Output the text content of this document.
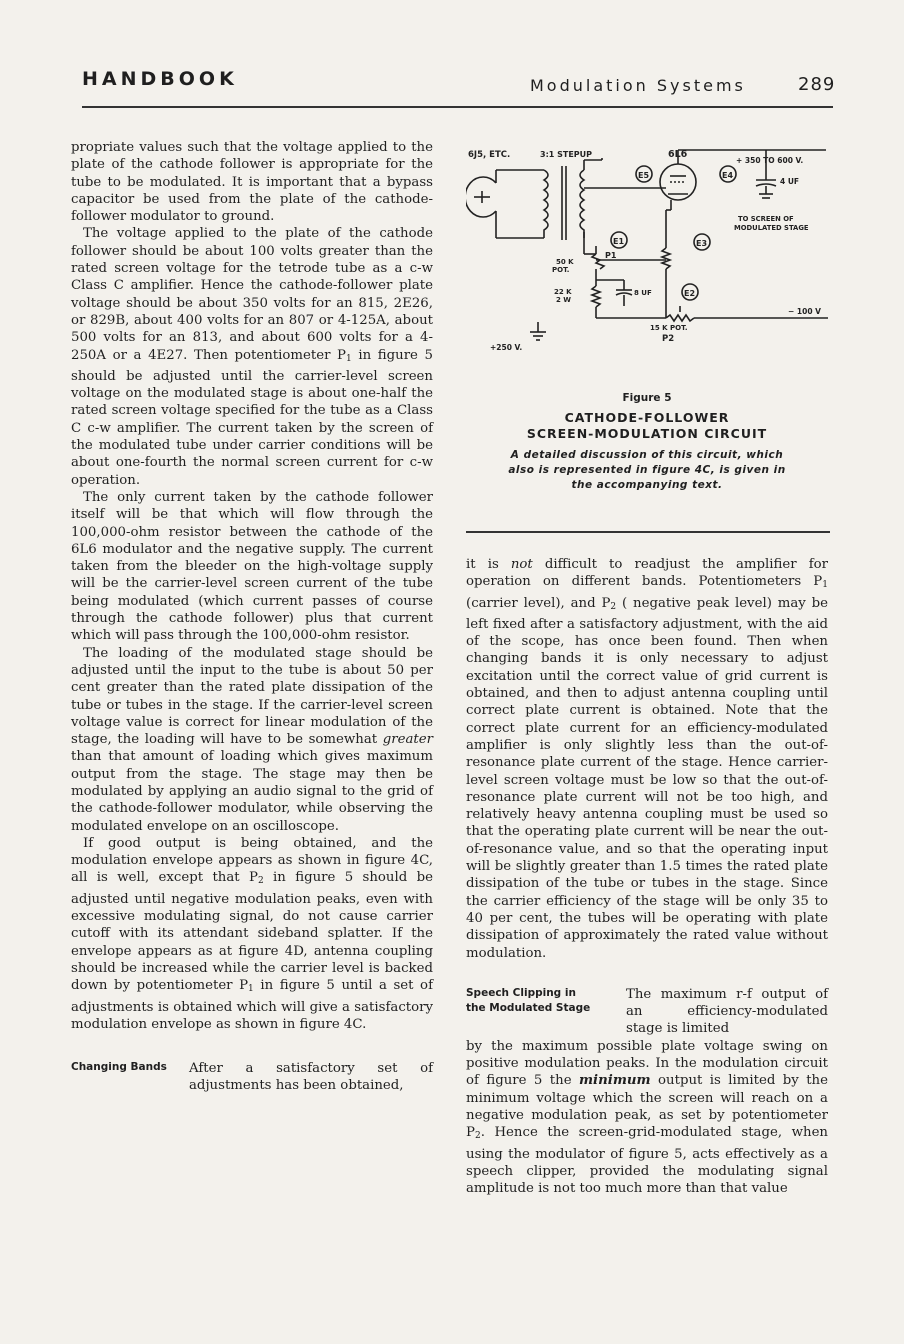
HANDBOOK	Modulation Systems	289

propriate values such that the voltage applied to the plate of the cathode follower is appropriate for the tube to be modulated. It is important that a bypass capacitor be used from the plate of the cathode-follower modulator to ground.

The voltage applied to the plate of the cathode follower should be about 100 volts greater than the rated screen voltage for the tetrode tube as a c-w Class C amplifier. Hence the cathode-follower plate voltage should be about 350 volts for an 815, 2E26, or 829B, about 400 volts for an 807 or 4-125A, about 500 volts for an 813, and about 600 volts for a 4-250A or a 4E27. Then potentiometer $P_1$ in figure 5 should be adjusted until the carrier-level screen voltage on the modulated stage is about one-half the rated screen voltage specified for the tube as a Class C c-w amplifier. The current taken by the screen of the modulated tube under carrier conditions will be about one-fourth the normal screen current for c-w operation.

The only current taken by the cathode follower itself will be that which will flow through the 100,000-ohm resistor between the cathode of the 6L6 modulator and the negative supply. The current taken from the bleeder on the high-voltage supply will be the carrier-level screen current of the tube being modulated (which current passes of course through the cathode follower) plus that current which will pass through the 100,000-ohm resistor.

The loading of the modulated stage should be adjusted until the input to the tube is about 50 per cent greater than the rated plate dissipation of the tube or tubes in the stage. If the carrier-level screen voltage value is correct for linear modulation of the stage, the loading will have to be somewhat greater than that amount of loading which gives maximum output from the stage. The stage may then be modulated by applying an audio signal to the grid of the cathode-follower modulator, while observing the modulated envelope on an oscilloscope.

If good output is being obtained, and the modulation envelope appears as shown in figure 4C, all is well, except that $P_2$ in figure 5 should be adjusted until negative modulation peaks, even with excessive modulating signal, do not cause carrier cutoff with its attendant sideband splatter. If the envelope appears as at figure 4D, antenna coupling should be increased while the carrier level is backed down by potentiometer $P_1$ in figure 5 until a set of adjustments is obtained which will give a satisfactory modulation envelope as shown in figure 4C.

Changing Bands	After a satisfactory set of adjustments has been obtained,
6J5, ETC.	3:1 STEPUP	6L6
+ 350 TO 600 V.
4 UF
TO SCREEN OF
MODULATED STAGE
− 100 V
15 K POT.
P2
50 K
POT.
P1
22 K
2 W
8 UF
+250 V.
E5	E4
E1	E3
E2
Figure 5
CATHODE-FOLLOWER
SCREEN-MODULATION CIRCUIT
A detailed discussion of this circuit, which
also is represented in figure 4C, is given in
the accompanying text.

it is not difficult to readjust the amplifier for operation on different bands. Potentiometers $P_1$ (carrier level), and $P_2$ ( negative peak level) may be left fixed after a satisfactory adjustment, with the aid of the scope, has once been found. Then when changing bands it is only necessary to adjust excitation until the correct value of grid current is obtained, and then to adjust antenna coupling until correct plate current is obtained. Note that the correct plate current for an efficiency-modulated amplifier is only slightly less than the out-of-resonance plate current of the stage. Hence carrier-level screen voltage must be low so that the out-of-resonance plate current will not be too high, and relatively heavy antenna coupling must be used so that the operating plate current will be near the out-of-resonance value, and so that the operating input will be slightly greater than 1.5 times the rated plate dissipation of the tube or tubes in the stage. Since the carrier efficiency of the stage will be only 35 to 40 per cent, the tubes will be operating with plate dissipation of approximately the rated value without modulation.

Speech Clipping in
the Modulated Stage
The maximum r-f output of an efficiency-modulated stage is limited

by the maximum possible plate voltage swing on positive modulation peaks. In the modulation circuit of figure 5 the minimum output is limited by the minimum voltage which the screen will reach on a negative modulation peak, as set by potentiometer $P_2$. Hence the screen-grid-modulated stage, when using the modulator of figure 5, acts effectively as a speech clipper, provided the modulating signal amplitude is not too much more than that value
